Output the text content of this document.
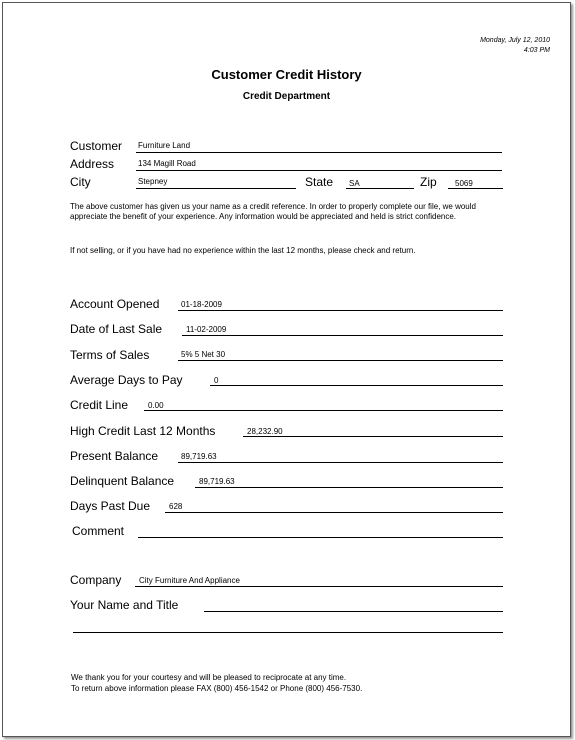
Monday, July 12, 2010
4:03 PM
Customer Credit History
Credit Department
Customer Furniture Land
Address	134 Magill Road
City	Stepney	State SA	Zip 5069
The above customer has given us your name as a credit reference. In order to properly complete our file, we would appreciate the benefit of your experience. Any information would be appreciated and held is strict confidence.
If not selling, or if you have had no experience within the last 12 months, please check and return.
Account Opened	01-18-2009
Date of Last Sale	11-02-2009
Terms of Sales	5% 5 Net 30
Average Days to Pay	0
Credit Line 0.00
High Credit Last 12 Months	28,232.90
Present Balance	89,719.63
Delinquent Balance	89,719.63
Days Past Due 628
Comment
Company City Furniture And Appliance
Your Name and Title
We thank you for your courtesy and will be pleased to reciprocate at any time.
To return above information please FAX (800) 456-1542 or Phone (800) 456-7530.
